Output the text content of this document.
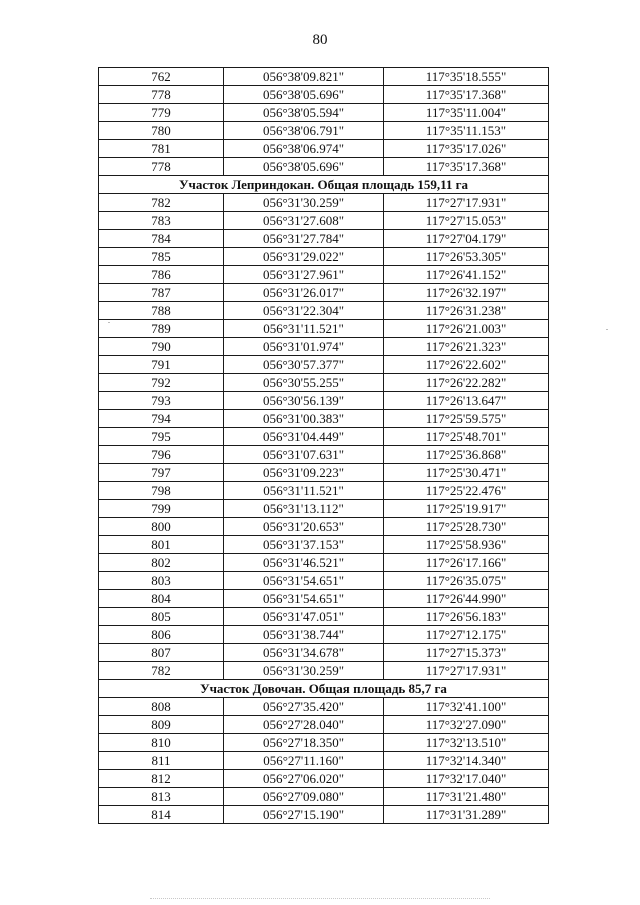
80
762	056°38'09.821"	117°35'18.555"
778	056°38'05.696"	117°35'17.368"
779	056°38'05.594"	117°35'11.004"
780	056°38'06.791"	117°35'11.153"
781	056°38'06.974"	117°35'17.026"
778	056°38'05.696"	117°35'17.368"
Участок Леприндокан. Общая площадь 159,11 га		
782	056°31'30.259"	117°27'17.931"
783	056°31'27.608"	117°27'15.053"
784	056°31'27.784"	117°27'04.179"
785	056°31'29.022"	117°26'53.305"
786	056°31'27.961"	117°26'41.152"
787	056°31'26.017"	117°26'32.197"
788	056°31'22.304"	117°26'31.238"
789	056°31'11.521"	117°26'21.003"
790	056°31'01.974"	117°26'21.323"
791	056°30'57.377"	117°26'22.602"
792	056°30'55.255"	117°26'22.282"
793	056°30'56.139"	117°26'13.647"
794	056°31'00.383"	117°25'59.575"
795	056°31'04.449"	117°25'48.701"
796	056°31'07.631"	117°25'36.868"
797	056°31'09.223"	117°25'30.471"
798	056°31'11.521"	117°25'22.476"
799	056°31'13.112"	117°25'19.917"
800	056°31'20.653"	117°25'28.730"
801	056°31'37.153"	117°25'58.936"
802	056°31'46.521"	117°26'17.166"
803	056°31'54.651"	117°26'35.075"
804	056°31'54.651"	117°26'44.990"
805	056°31'47.051"	117°26'56.183"
806	056°31'38.744"	117°27'12.175"
807	056°31'34.678"	117°27'15.373"
782	056°31'30.259"	117°27'17.931"
Участок Довочан. Общая площадь 85,7 га		
808	056°27'35.420"	117°32'41.100"
809	056°27'28.040"	117°32'27.090"
810	056°27'18.350"	117°32'13.510"
811	056°27'11.160"	117°32'14.340"
812	056°27'06.020"	117°32'17.040"
813	056°27'09.080"	117°31'21.480"
814	056°27'15.190"	117°31'31.289"
